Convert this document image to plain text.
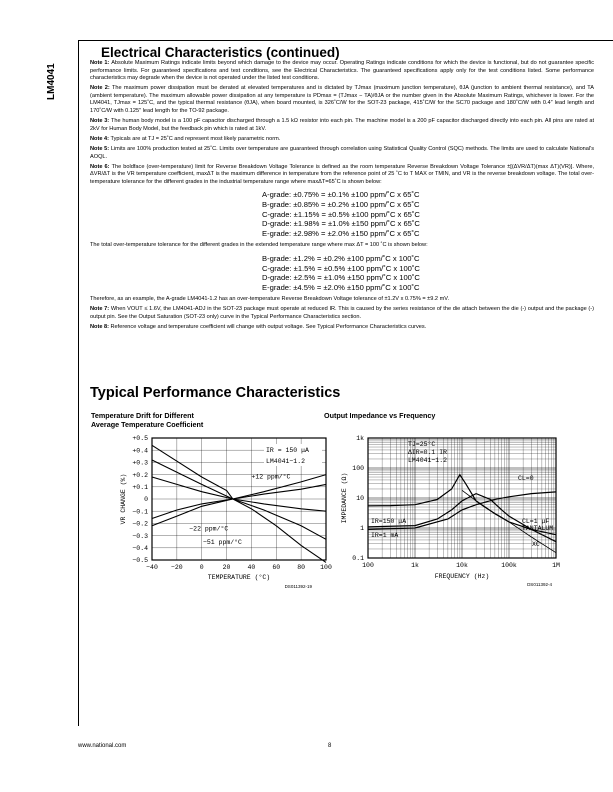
LM4041
Electrical Characteristics (continued)

Note 1: Absolute Maximum Ratings indicate limits beyond which damage to the device may occur. Operating Ratings indicate conditions for which the device is functional, but do not guarantee specific performance limits. For guaranteed specifications and test conditions, see the Electrical Characteristics. The guaranteed specifications apply only for the test conditions listed. Some performance characteristics may degrade when the device is not operated under the listed test conditions.

Note 2: The maximum power dissipation must be derated at elevated temperatures and is dictated by TJmax (maximum junction temperature), θJA (junction to ambient thermal resistance), and TA (ambient temperature). The maximum allowable power dissipation at any temperature is PDmax = (TJmax − TA)/θJA or the number given in the Absolute Maximum Ratings, whichever is lower. For the LM4041, TJmax = 125˚C, and the typical thermal resistance (θJA), when board mounted, is 326˚C/W for the SOT-23 package, 415˚C/W for the SC70 package and 180˚C/W with 0.4″ lead length and 170˚C/W with 0.125″ lead length for the TO-92 package.

Note 3: The human body model is a 100 pF capacitor discharged through a 1.5 kΩ resistor into each pin. The machine model is a 200 pF capacitor discharged directly into each pin. All pins are rated at 2kV for Human Body Model, but the feedback pin which is rated at 1kV.

Note 4: Typicals are at TJ = 25˚C and represent most likely parametric norm.

Note 5: Limits are 100% production tested at 25˚C. Limits over temperature are guaranteed through correlation using Statistical Quality Control (SQC) methods. The limits are used to calculate National's AOQL.

Note 6: The boldface (over-temperature) limit for Reverse Breakdown Voltage Tolerance is defined as the room temperature Reverse Breakdown Voltage Tolerance ±[(ΔVR/ΔT)(max ΔT)(VR)]. Where, ΔVR/ΔT is the VR temperature coefficient, maxΔT is the maximum difference in temperature from the reference point of 25 ˚C to T MAX or TMIN, and VR is the reverse breakdown voltage. The total over-temperature tolerance for the different grades in the industrial temperature range where maxΔT=65˚C is shown below:

A-grade: ±0.75% = ±0.1% ±100 ppm/˚C x 65˚C
B-grade: ±0.85% = ±0.2% ±100 ppm/˚C x 65˚C
C-grade: ±1.15% = ±0.5% ±100 ppm/˚C x 65˚C
D-grade: ±1.98% = ±1.0% ±150 ppm/˚C x 65˚C
E-grade: ±2.98% = ±2.0% ±150 ppm/˚C x 65˚C

The total over-temperature tolerance for the different grades in the extended temperature range where max ΔT = 100 ˚C is shown below:

B-grade: ±1.2% = ±0.2% ±100 ppm/˚C x 100˚C
C-grade: ±1.5% = ±0.5% ±100 ppm/˚C x 100˚C
D-grade: ±2.5% = ±1.0% ±150 ppm/˚C x 100˚C
E-grade: ±4.5% = ±2.0% ±150 ppm/˚C x 100˚C

Therefore, as an example, the A-grade LM4041-1.2 has an over-temperature Reverse Breakdown Voltage tolerance of ±1.2V x 0.75% = ±9.2 mV.

Note 7: When VOUT ≤ 1.6V, the LM4041-ADJ in the SOT-23 package must operate at reduced IR. This is caused by the series resistance of the die attach between the die (-) output and the package (-) output pin. See the Output Saturation (SOT-23 only) curve in the Typical Performance Characteristics section.

Note 8: Reference voltage and temperature coefficient will change with output voltage. See Typical Performance Characteristics curves.

Typical Performance Characteristics
Temperature Drift for Different
Average Temperature Coefficient
+0.5
+0.4
+0.3
+0.2
+0.1
0
−0.1
−0.2
−0.3
−0.4
−0.5
−40 −20	0	20	40	60	80 100
TEMPERATURE (°C)
VR CHANGE (%)
IR = 150 μA
LM4041−1.2
+12 ppm/°C
−22 ppm/°C
−51 ppm/°C
DS011392-19
Output Impedance vs Frequency
1k
100
10
1
0.1
100	1k	10k	100k	1M
FREQUENCY (Hz)
IMPEDANCE (Ω)
TJ=25°C
ΔIR=0.1 IR
LM4041−1.2
CL=0
CL=1 μF
TANTALUM
IR=150 μA
IR=1 mA
XC
DS011392-4
www.national.com	8
